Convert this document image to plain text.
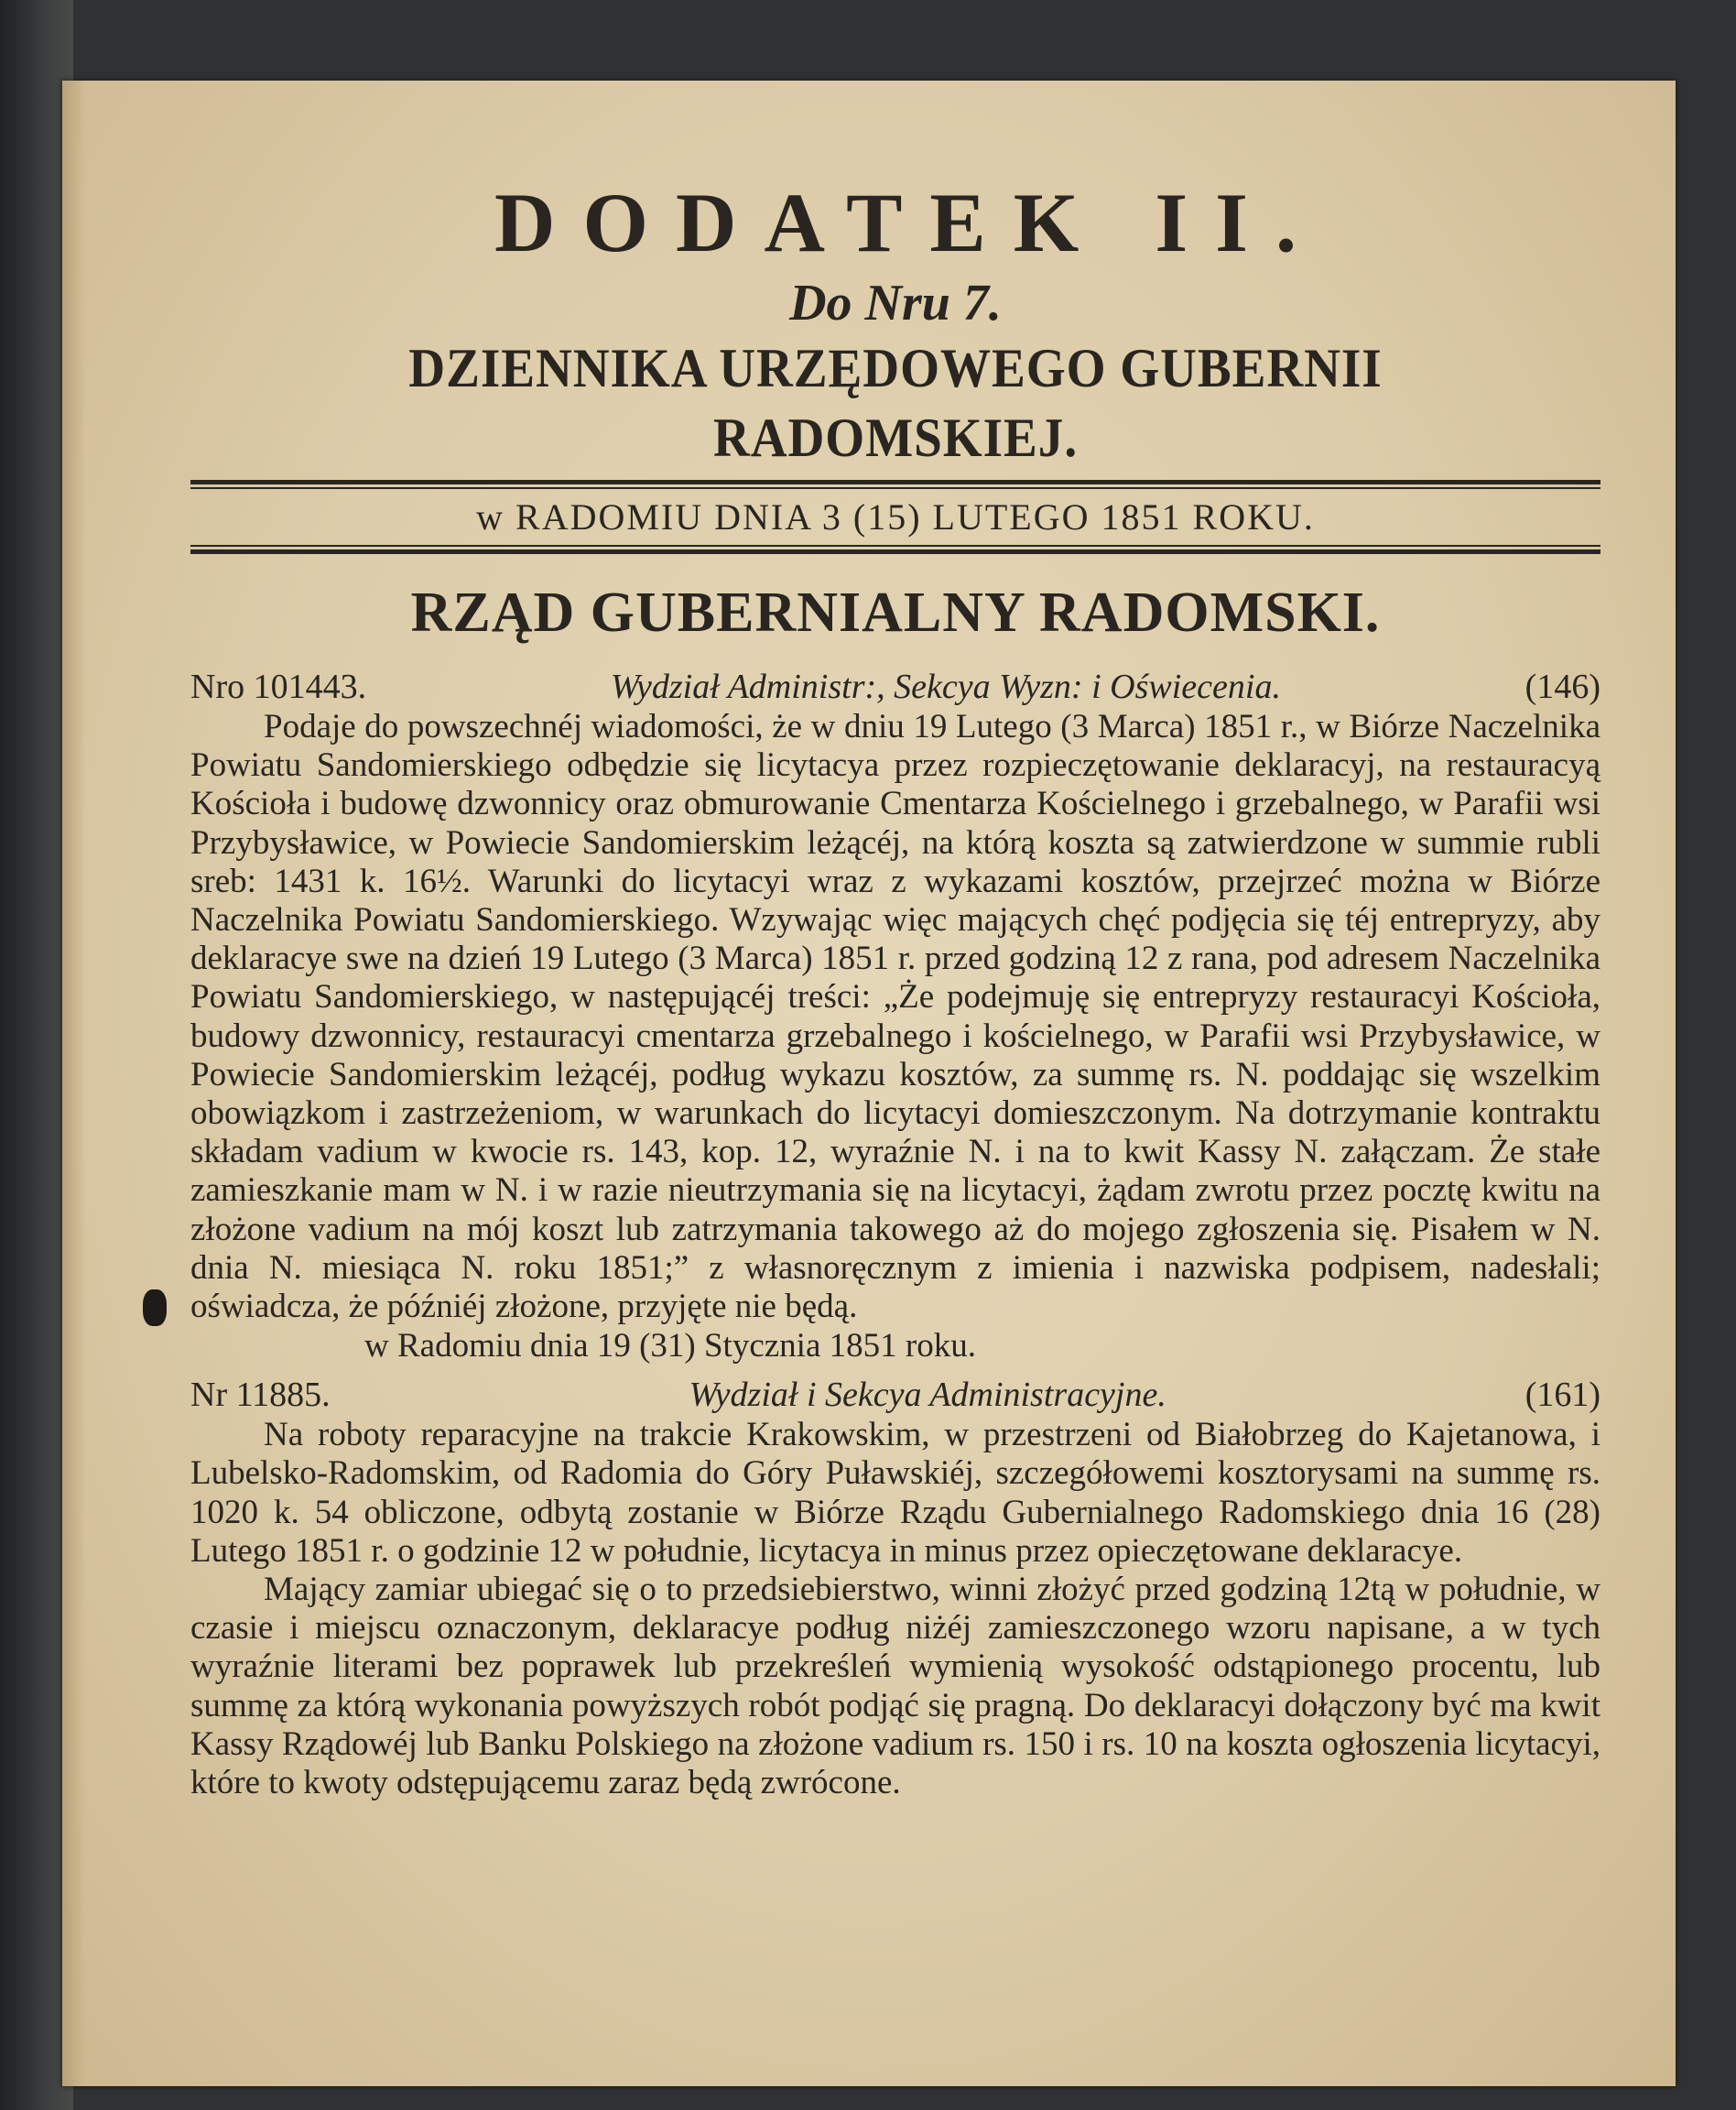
DODATEK II.
Do Nru 7.
DZIENNIKA URZĘDOWEGO GUBERNII RADOMSKIEJ.
w RADOMIU DNIA 3 (15) LUTEGO 1851 ROKU.
RZĄD GUBERNIALNY RADOMSKI.
Nro 101443.	Wydział Administr:, Sekcya Wyzn: i Oświecenia.	(146)

Podaje do powszechnéj wiadomości, że w dniu 19 Lutego (3 Marca) 1851 r., w Biórze Naczelnika Powiatu Sandomierskiego odbędzie się licytacya przez rozpieczętowanie deklaracyj, na restauracyą Kościoła i budowę dzwonnicy oraz obmurowanie Cmentarza Kościelnego i grzebalnego, w Parafii wsi Przybysławice, w Powiecie Sandomierskim leżącéj, na którą koszta są zatwierdzone w summie rubli sreb: 1431 k. 16½. Warunki do licytacyi wraz z wykazami kosztów, przejrzeć można w Biórze Naczelnika Powiatu Sandomierskiego. Wzywając więc mających chęć podjęcia się téj entrepryzy, aby deklaracye swe na dzień 19 Lutego (3 Marca) 1851 r. przed godziną 12 z rana, pod adresem Naczelnika Powiatu Sandomierskiego, w następującéj treści: „Że podejmuję się entrepryzy restauracyi Kościoła, budowy dzwonnicy, restauracyi cmentarza grzebalnego i kościelnego, w Parafii wsi Przybysławice, w Powiecie Sandomierskim leżącéj, podług wykazu kosztów, za summę rs. N. poddając się wszelkim obowiązkom i zastrzeżeniom, w warunkach do licytacyi domieszczonym. Na dotrzymanie kontraktu składam vadium w kwocie rs. 143, kop. 12, wyraźnie N. i na to kwit Kassy N. załączam. Że stałe zamieszkanie mam w N. i w razie nieutrzymania się na licytacyi, żądam zwrotu przez pocztę kwitu na złożone vadium na mój koszt lub zatrzymania takowego aż do mojego zgłoszenia się. Pisałem w N. dnia N. miesiąca N. roku 1851;” z własnoręcznym z imienia i nazwiska podpisem, nadesłali; oświadcza, że późniéj złożone, przyjęte nie będą.

w Radomiu dnia 19 (31) Stycznia 1851 roku.

Nr 11885.	Wydział i Sekcya Administracyjne.	(161)

Na roboty reparacyjne na trakcie Krakowskim, w przestrzeni od Białobrzeg do Kajetanowa, i Lubelsko-Radomskim, od Radomia do Góry Puławskiéj, szczegółowemi kosztorysami na summę rs. 1020 k. 54 obliczone, odbytą zostanie w Biórze Rządu Gubernialnego Radomskiego dnia 16 (28) Lutego 1851 r. o godzinie 12 w południe, licytacya in minus przez opieczętowane deklaracye.

Mający zamiar ubiegać się o to przedsiebierstwo, winni złożyć przed godziną 12tą w południe, w czasie i miejscu oznaczonym, deklaracye podług niżéj zamieszczonego wzoru napisane, a w tych wyraźnie literami bez poprawek lub przekreśleń wymienią wysokość odstąpionego procentu, lub summę za którą wykonania powyższych robót podjąć się pragną. Do deklaracyi dołączony być ma kwit Kassy Rządowéj lub Banku Polskiego na złożone vadium rs. 150 i rs. 10 na koszta ogłoszenia licytacyi, które to kwoty odstępującemu zaraz będą zwrócone.
